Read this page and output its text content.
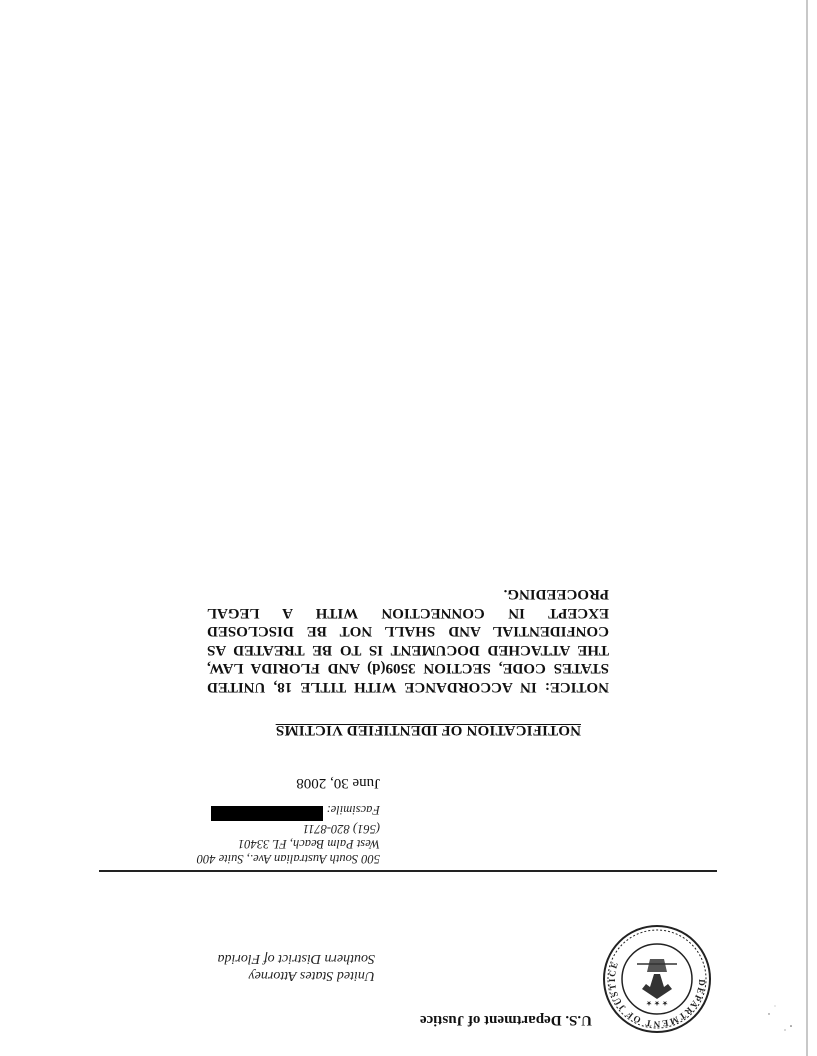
DEPARTMENT OF JUSTICE
★ ★ ★
U.S. Department of Justice
United States Attorney
Southern District of Florida
500 South Australian Ave., Suite 400
West Palm Beach, FL 33401
(561) 820-8711
Facsimile:
June 30, 2008
NOTIFICATION OF IDENTIFIED VICTIMS
NOTICE: IN ACCORDANCE WITH TITLE 18, UNITED
STATES CODE, SECTION 3509(d) AND FLORIDA LAW,
THE ATTACHED DOCUMENT IS TO BE TREATED AS
CONFIDENTIAL AND SHALL NOT BE DISCLOSED
EXCEPT IN CONNECTION WITH A LEGAL
PROCEEDING.
